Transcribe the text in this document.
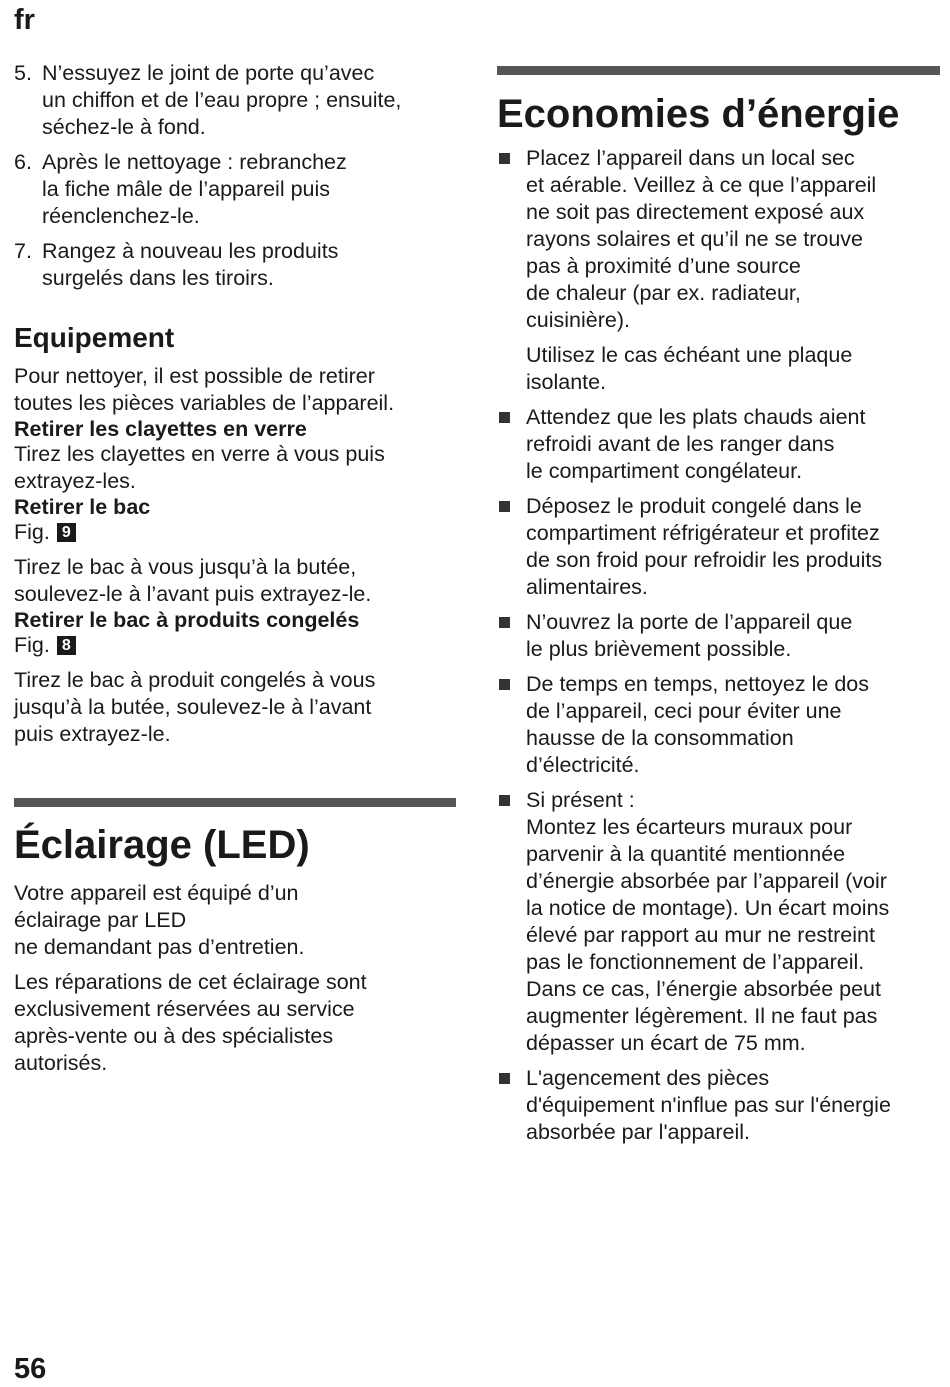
fr
5. N’essuyez le joint de porte qu’avec
un chiffon et de l’eau propre ; ensuite,
séchez-le à fond.
6. Après le nettoyage : rebranchez
la fiche mâle de l’appareil puis
réenclenchez-le.
7. Rangez à nouveau les produits
surgelés dans les tiroirs.
Equipement

Pour nettoyer, il est possible de retirer
toutes les pièces variables de l’appareil.

Retirer les clayettes en verre

Tirez les clayettes en verre à vous puis
extrayez-les.

Retirer le bac
Fig. 9

Tirez le bac à vous jusqu’à la butée,
soulevez-le à l’avant puis extrayez-le.

Retirer le bac à produits congelés
Fig. 8

Tirez le bac à produit congelés à vous
jusqu’à la butée, soulevez-le à l’avant
puis extrayez-le.

Éclairage (LED)

Votre appareil est équipé d’un
éclairage par LED
ne demandant pas d’entretien.

Les réparations de cet éclairage sont
exclusivement réservées au service
après-vente ou à des spécialistes
autorisés.

Economies d’énergie
Placez l’appareil dans un local sec
et aérable. Veillez à ce que l’appareil
ne soit pas directement exposé aux
rayons solaires et qu’il ne se trouve
pas à proximité d’une source
de chaleur (par ex. radiateur,
cuisinière).
Utilisez le cas échéant une plaque
isolante.
Attendez que les plats chauds aient
refroidi avant de les ranger dans
le compartiment congélateur.
Déposez le produit congelé dans le
compartiment réfrigérateur et profitez
de son froid pour refroidir les produits
alimentaires.
N’ouvrez la porte de l’appareil que
le plus brièvement possible.
De temps en temps, nettoyez le dos
de l’appareil, ceci pour éviter une
hausse de la consommation
d’électricité.
Si présent :
Montez les écarteurs muraux pour
parvenir à la quantité mentionnée
d’énergie absorbée par l’appareil (voir
la notice de montage). Un écart moins
élevé par rapport au mur ne restreint
pas le fonctionnement de l’appareil.
Dans ce cas, l’énergie absorbée peut
augmenter légèrement. Il ne faut pas
dépasser un écart de 75 mm.
L'agencement des pièces
d'équipement n'influe pas sur l'énergie
absorbée par l'appareil.
56
